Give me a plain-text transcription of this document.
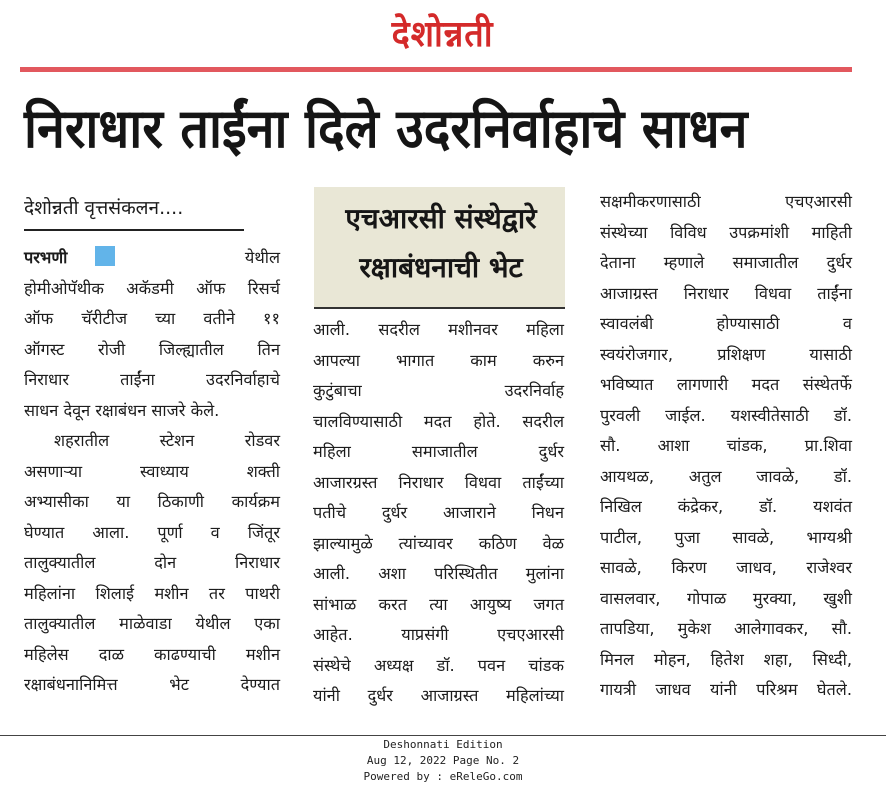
देशोन्नती
निराधार ताईंना दिले उदरनिर्वाहाचे साधन
देशोन्नती वृत्तसंकलन....

परभणी	येथील

होमीओपॅथीक अकॅडमी ऑफ रिसर्च

ऑफ चॅरीटीज च्या वतीने ११

ऑगस्ट रोजी जिल्ह्यातील तिन

निराधार ताईंना उदरनिर्वाहाचे

साधन देवून रक्षाबंधन साजरे केले.

शहरातील स्टेशन रोडवर

असणाऱ्या स्वाध्याय शक्ती

अभ्यासीका या ठिकाणी कार्यक्रम

घेण्यात आला. पूर्णा व जिंतूर

तालुक्यातील दोन निराधार

महिलांना शिलाई मशीन तर पाथरी

तालुक्यातील माळेवाडा येथील एका

महिलेस दाळ काढण्याची मशीन

रक्षाबंधनानिमित्त भेट देण्यात

एचआरसी संस्थेद्वारे
रक्षाबंधनाची भेट

आली. सदरील मशीनवर महिला

आपल्या भागात काम करुन

कुटुंबाचा उदरनिर्वाह

चालविण्यासाठी मदत होते. सदरील

महिला समाजातील दुर्धर

आजारग्रस्त निराधार विधवा ताईंच्या

पतीचे दुर्धर आजाराने निधन

झाल्यामुळे त्यांच्यावर कठिण वेळ

आली. अशा परिस्थितीत मुलांना

सांभाळ करत त्या आयुष्य जगत

आहेत. याप्रसंगी एचएआरसी

संस्थेचे अध्यक्ष डॉ. पवन चांडक

यांनी दुर्धर आजाग्रस्त महिलांच्या

सक्षमीकरणासाठी एचएआरसी

संस्थेच्या विविध उपक्रमांशी माहिती

देताना म्हणाले समाजातील दुर्धर

आजाग्रस्त निराधार विधवा ताईंना

स्वावलंबी होण्यासाठी व

स्वयंरोजगार, प्रशिक्षण यासाठी

भविष्यात लागणारी मदत संस्थेतर्फे

पुरवली जाईल. यशस्वीतेसाठी डॉ.

सौ. आशा चांडक, प्रा.शिवा

आयथळ, अतुल जावळे, डॉ.

निखिल कंद्रेकर, डॉ. यशवंत

पाटील, पुजा सावळे, भाग्यश्री

सावळे, किरण जाधव, राजेश्वर

वासलवार, गोपाळ मुरक्या, खुशी

तापडिया, मुकेश आलेगावकर, सौ.

मिनल मोहन, हितेश शहा, सिध्दी,

गायत्री जाधव यांनी परिश्रम घेतले.

Deshonnati Edition
Aug 12, 2022 Page No. 2
Powered by : eReleGo.com
